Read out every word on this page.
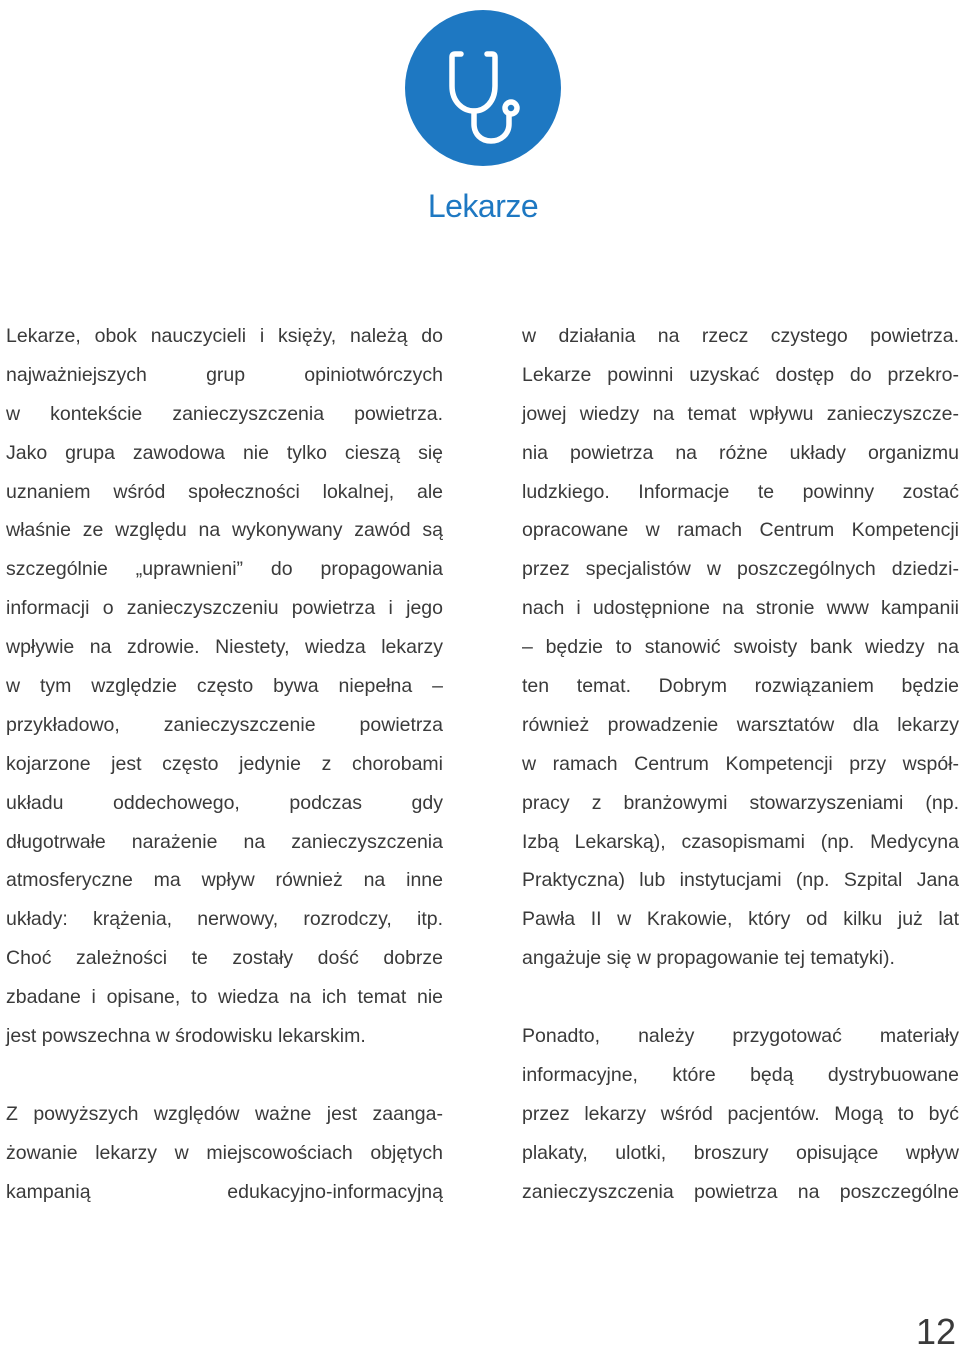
Lekarze
Lekarze, obok nauczycieli i księży, należą do
najważniejszych grup opiniotwórczych
w kontekście zanieczyszczenia powietrza.
Jako grupa zawodowa nie tylko cieszą się
uznaniem wśród społeczności lokalnej, ale
właśnie ze względu na wykonywany zawód są
szczególnie „uprawnieni” do propagowania
informacji o zanieczyszczeniu powietrza i jego
wpływie na zdrowie. Niestety, wiedza lekarzy
w tym względzie często bywa niepełna –
przykładowo, zanieczyszczenie powietrza
kojarzone jest często jedynie z chorobami
układu oddechowego, podczas gdy
długotrwałe narażenie na zanieczyszczenia
atmosferyczne ma wpływ również na inne
układy: krążenia, nerwowy, rozrodczy, itp.
Choć zależności te zostały dość dobrze
zbadane i opisane, to wiedza na ich temat nie
jest powszechna w środowisku lekarskim.
Z powyższych względów ważne jest zaanga-
żowanie lekarzy w miejscowościach objętych
kampanią edukacyjno-informacyjną
w działania na rzecz czystego powietrza.
Lekarze powinni uzyskać dostęp do przekro-
jowej wiedzy na temat wpływu zanieczyszcze-
nia powietrza na różne układy organizmu
ludzkiego. Informacje te powinny zostać
opracowane w ramach Centrum Kompetencji
przez specjalistów w poszczególnych dziedzi-
nach i udostępnione na stronie www kampanii
– będzie to stanowić swoisty bank wiedzy na
ten temat. Dobrym rozwiązaniem będzie
również prowadzenie warsztatów dla lekarzy
w ramach Centrum Kompetencji przy współ-
pracy z branżowymi stowarzyszeniami (np.
Izbą Lekarską), czasopismami (np. Medycyna
Praktyczna) lub instytucjami (np. Szpital Jana
Pawła II w Krakowie, który od kilku już lat
angażuje się w propagowanie tej tematyki).
Ponadto, należy przygotować materiały
informacyjne, które będą dystrybuowane
przez lekarzy wśród pacjentów. Mogą to być
plakaty, ulotki, broszury opisujące wpływ
zanieczyszczenia powietrza na poszczególne
12
